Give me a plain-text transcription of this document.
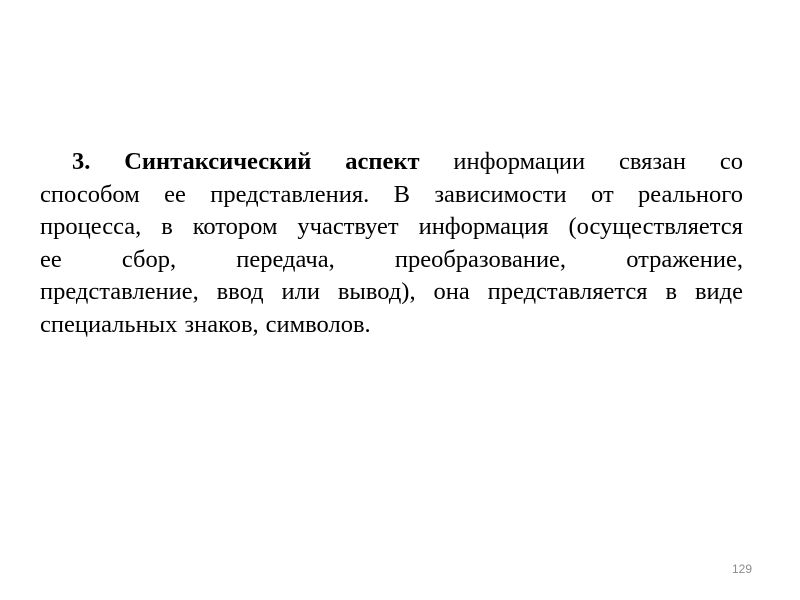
3. Синтаксический аспект информации связан со
способом ее представления. В зависимости от реального
процесса, в котором участвует информация (осуществляется
ее сбор, передача, преобразование, отражение,
представление, ввод или вывод), она представляется в виде
специальных знаков, символов.
129
